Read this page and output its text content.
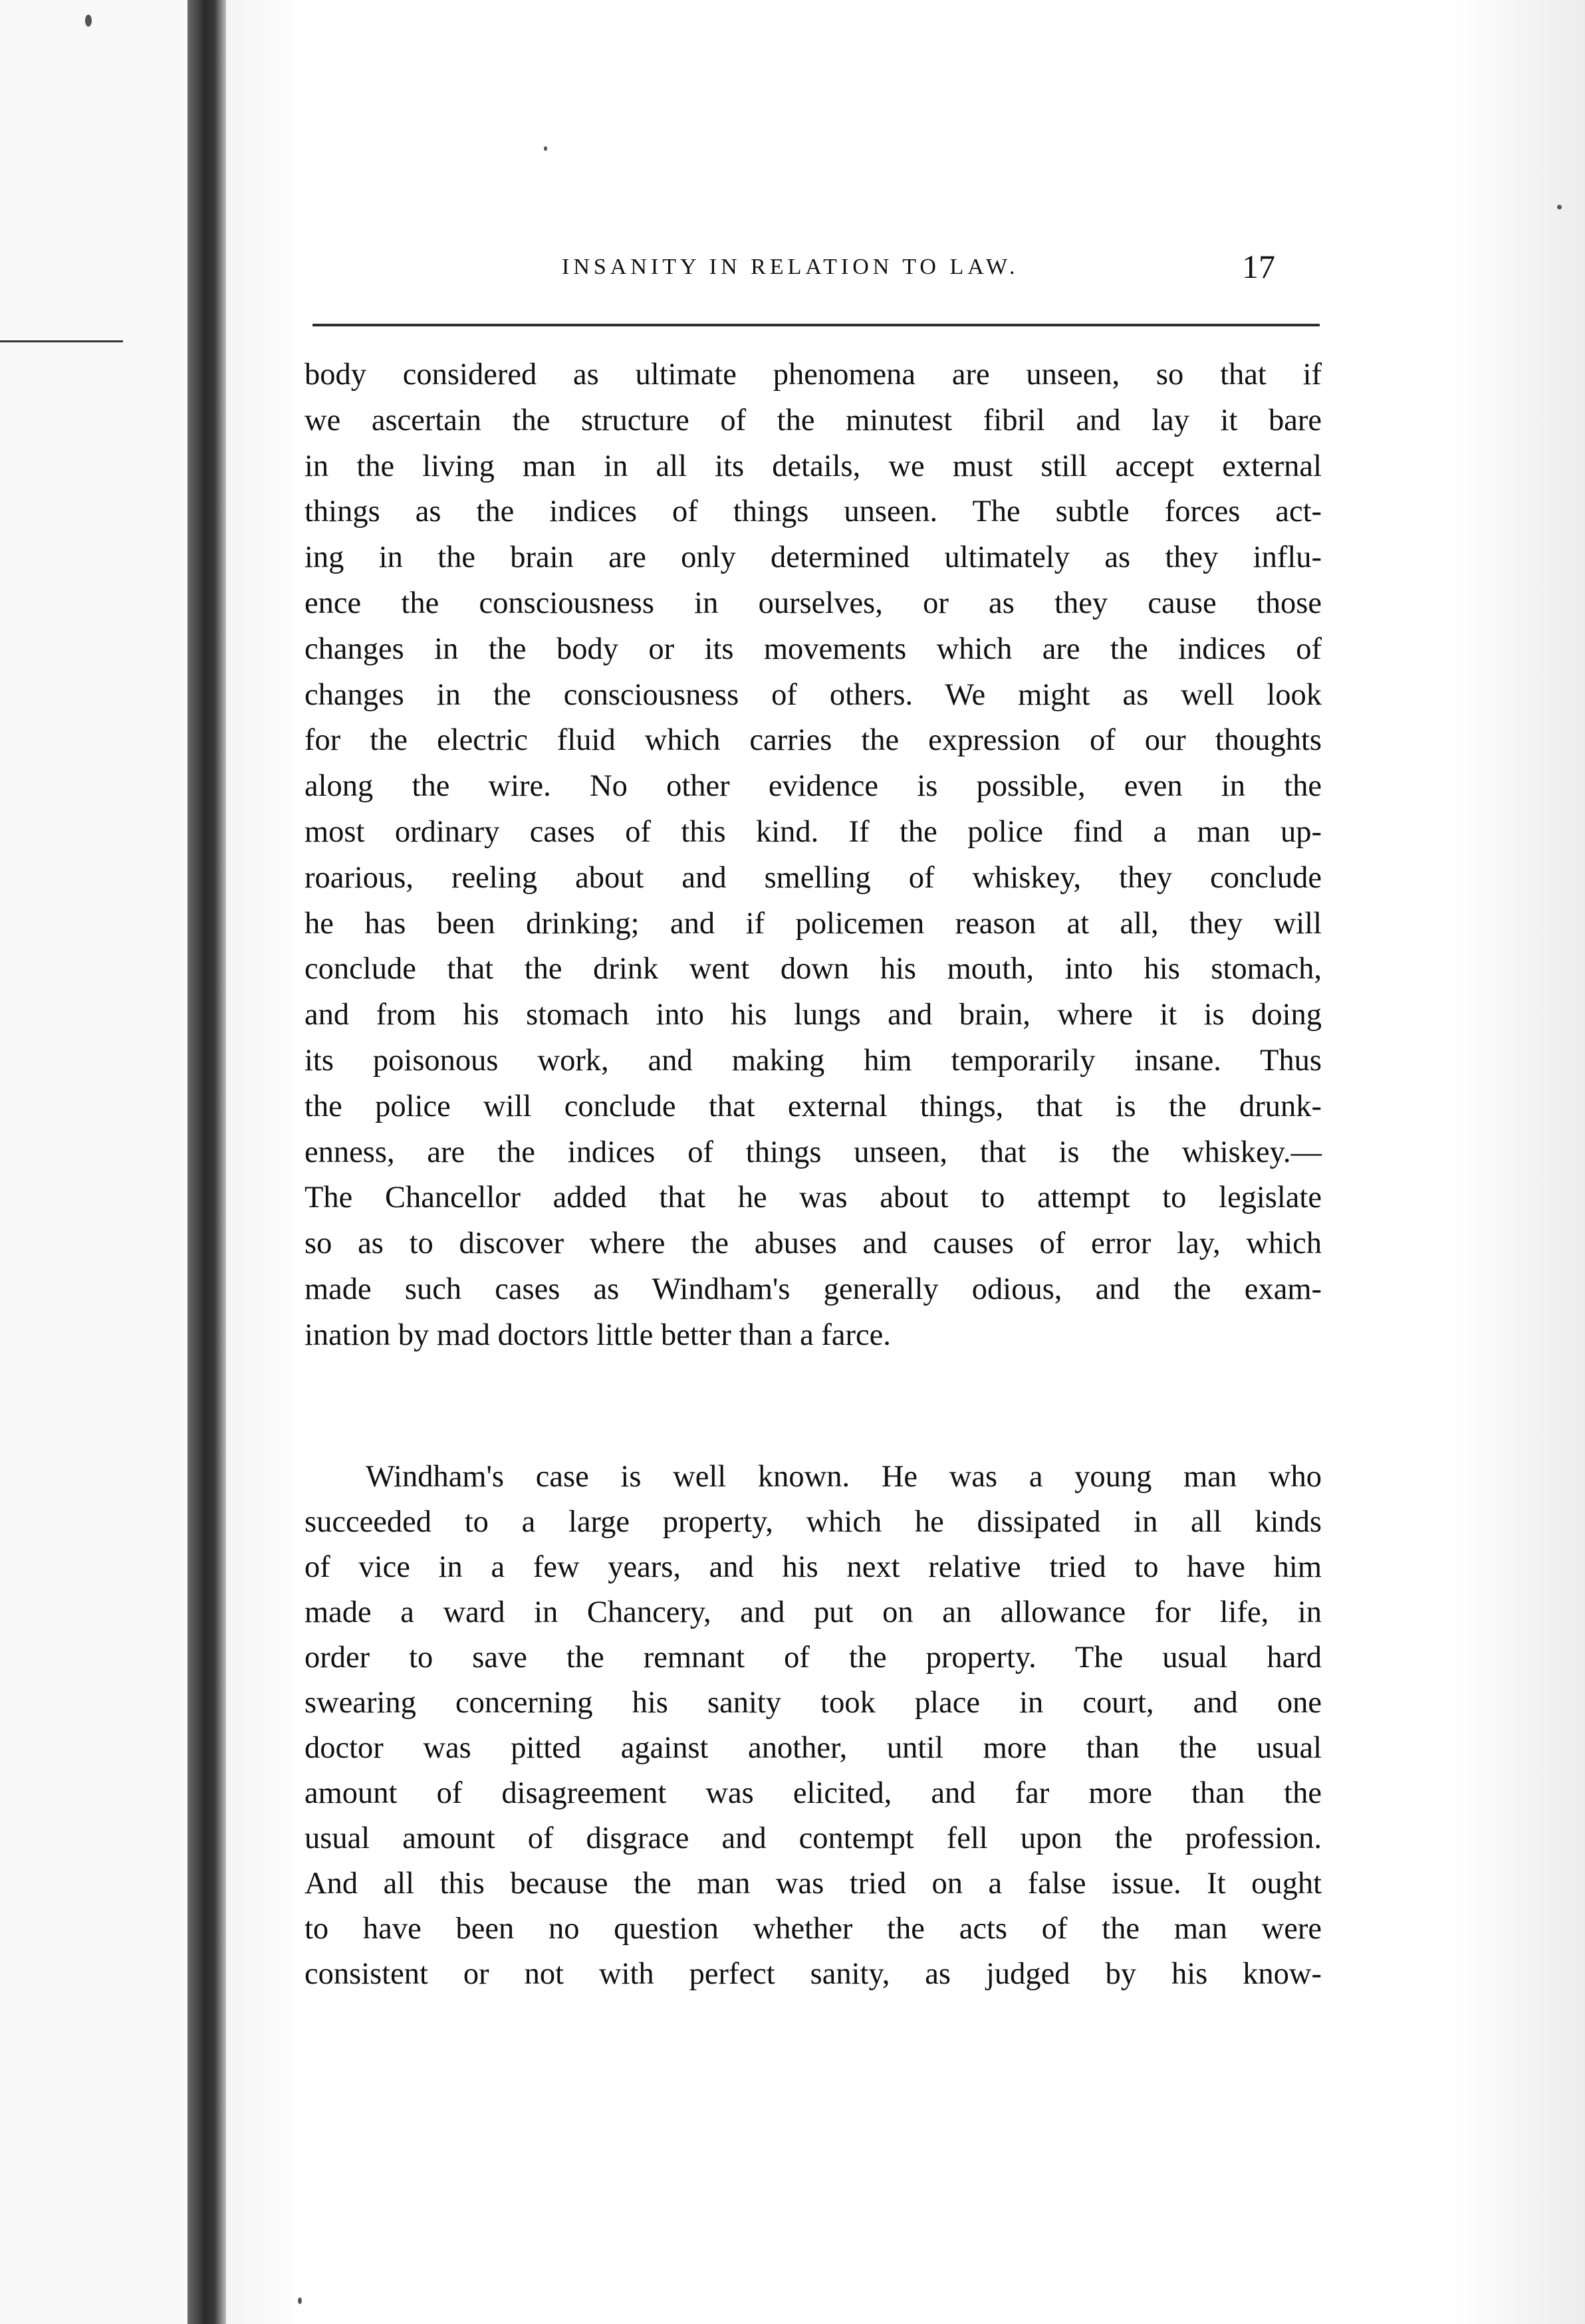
INSANITY IN RELATION TO LAW.	17
body considered as ultimate phenomena are unseen, so that if
we ascertain the structure of the minutest fibril and lay it bare
in the living man in all its details, we must still accept external
things as the indices of things unseen. The subtle forces act-
ing in the brain are only determined ultimately as they influ-
ence the consciousness in ourselves, or as they cause those
changes in the body or its movements which are the indices of
changes in the consciousness of others. We might as well look
for the electric fluid which carries the expression of our thoughts
along the wire. No other evidence is possible, even in the
most ordinary cases of this kind. If the police find a man up-
roarious, reeling about and smelling of whiskey, they conclude
he has been drinking; and if policemen reason at all, they will
conclude that the drink went down his mouth, into his stomach,
and from his stomach into his lungs and brain, where it is doing
its poisonous work, and making him temporarily insane. Thus
the police will conclude that external things, that is the drunk-
enness, are the indices of things unseen, that is the whiskey.—
The Chancellor added that he was about to attempt to legislate
so as to discover where the abuses and causes of error lay, which
made such cases as Windham's generally odious, and the exam-
ination by mad doctors little better than a farce.
Windham's case is well known. He was a young man who
succeeded to a large property, which he dissipated in all kinds
of vice in a few years, and his next relative tried to have him
made a ward in Chancery, and put on an allowance for life, in
order to save the remnant of the property. The usual hard
swearing concerning his sanity took place in court, and one
doctor was pitted against another, until more than the usual
amount of disagreement was elicited, and far more than the
usual amount of disgrace and contempt fell upon the profession.
And all this because the man was tried on a false issue. It ought
to have been no question whether the acts of the man were
consistent or not with perfect sanity, as judged by his know-
